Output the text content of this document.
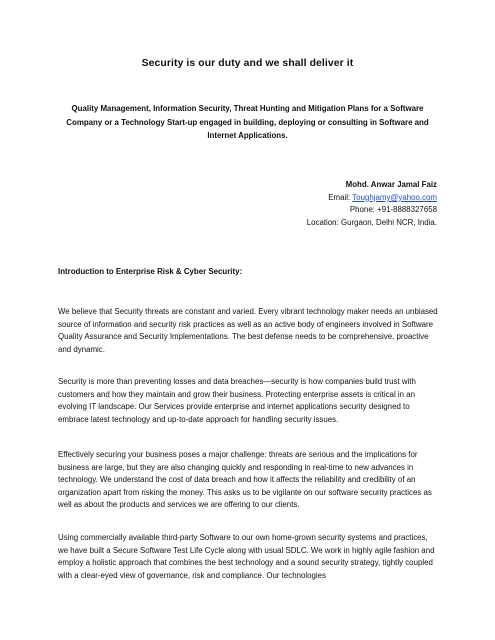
Security is our duty and we shall deliver it
Quality Management, Information Security, Threat Hunting and Mitigation Plans for a Software Company or a Technology Start-up engaged in building, deploying or consulting in Software and Internet Applications.
Mohd. Anwar Jamal Faiz
Email: Toughjamy@yahoo.com
Phone: +91-8888327658
Location: Gurgaon, Delhi NCR, India.
Introduction to Enterprise Risk & Cyber Security:

We believe that Security threats are constant and varied. Every vibrant technology maker needs an unbiased source of information and security risk practices as well as an active body of engineers involved in Software Quality Assurance and Security Implementations. The best defense needs to be comprehensive, proactive and dynamic.

Security is more than preventing losses and data breaches—security is how companies build trust with customers and how they maintain and grow their business. Protecting enterprise assets is critical in an evolving IT landscape. Our Services provide enterprise and internet applications security designed to embrace latest technology and up-to-date approach for handling security issues.

Effectively securing your business poses a major challenge: threats are serious and the implications for business are large, but they are also changing quickly and responding in real-time to new advances in technology. We understand the cost of data breach and how it affects the reliability and credibility of an organization apart from risking the money. This asks us to be vigilante on our software security practices as well as about the products and services we are offering to our clients.

Using commercially available third-party Software to our own home-grown security systems and practices, we have built a Secure Software Test Life Cycle along with usual SDLC. We work in highly agile fashion and employ a holistic approach that combines the best technology and a sound security strategy, tightly coupled with a clear-eyed view of governance, risk and compliance. Our technologies
